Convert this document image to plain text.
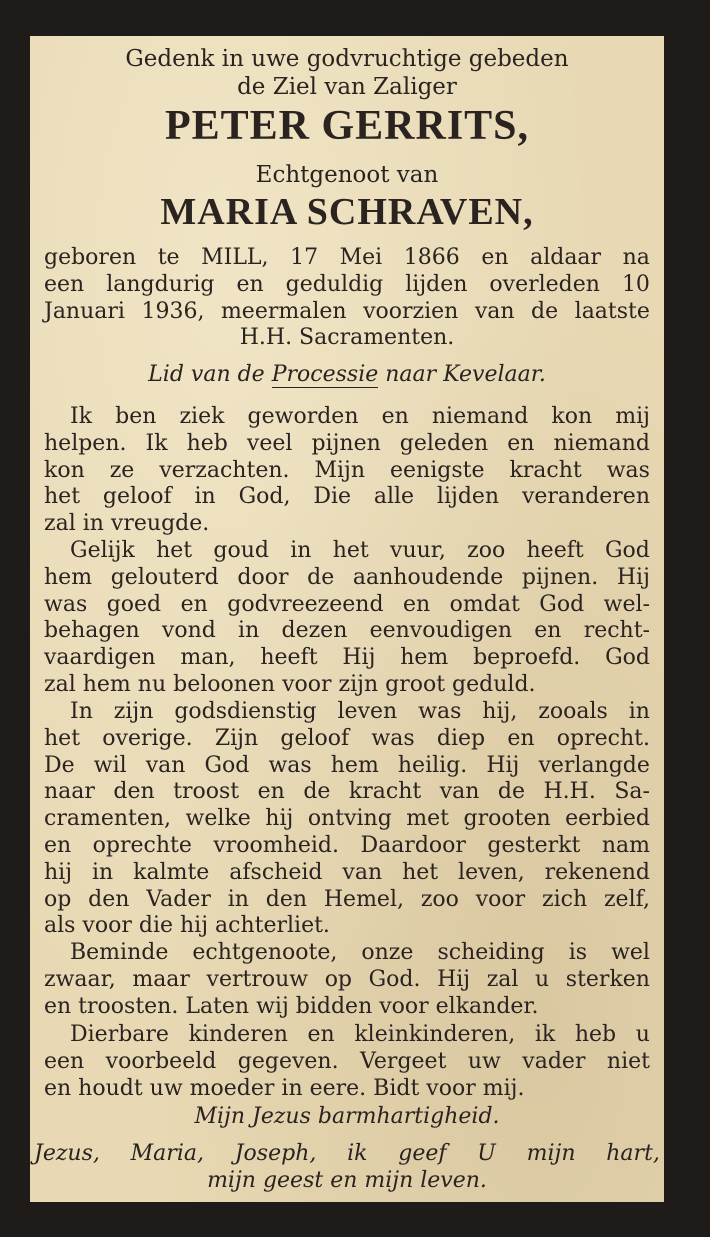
Gedenk in uwe godvruchtige gebeden
de Ziel van Zaliger
PETER GERRITS,
Echtgenoot van
MARIA SCHRAVEN,
geboren te MILL, 17 Mei 1866 en aldaar na
een langdurig en geduldig lijden overleden 10
Januari 1936, meermalen voorzien van de laatste
H.H. Sacramenten.
Lid van de Processie naar Kevelaar.
Ik ben ziek geworden en niemand kon mij
helpen. Ik heb veel pijnen geleden en niemand
kon ze verzachten. Mijn eenigste kracht was
het geloof in God, Die alle lijden veranderen
zal in vreugde.
Gelijk het goud in het vuur, zoo heeft God
hem gelouterd door de aanhoudende pijnen. Hij
was goed en godvreezeend en omdat God wel-
behagen vond in dezen eenvoudigen en recht-
vaardigen man, heeft Hij hem beproefd. God
zal hem nu beloonen voor zijn groot geduld.
In zijn godsdienstig leven was hij, zooals in
het overige. Zijn geloof was diep en oprecht.
De wil van God was hem heilig. Hij verlangde
naar den troost en de kracht van de H.H. Sa-
cramenten, welke hij ontving met grooten eerbied
en oprechte vroomheid. Daardoor gesterkt nam
hij in kalmte afscheid van het leven, rekenend
op den Vader in den Hemel, zoo voor zich zelf,
als voor die hij achterliet.
Beminde echtgenoote, onze scheiding is wel
zwaar, maar vertrouw op God. Hij zal u sterken
en troosten. Laten wij bidden voor elkander.
Dierbare kinderen en kleinkinderen, ik heb u
een voorbeeld gegeven. Vergeet uw vader niet
en houdt uw moeder in eere. Bidt voor mij.
Mijn Jezus barmhartigheid.
Jezus, Maria, Joseph, ik geef U mijn hart,
mijn geest en mijn leven.
